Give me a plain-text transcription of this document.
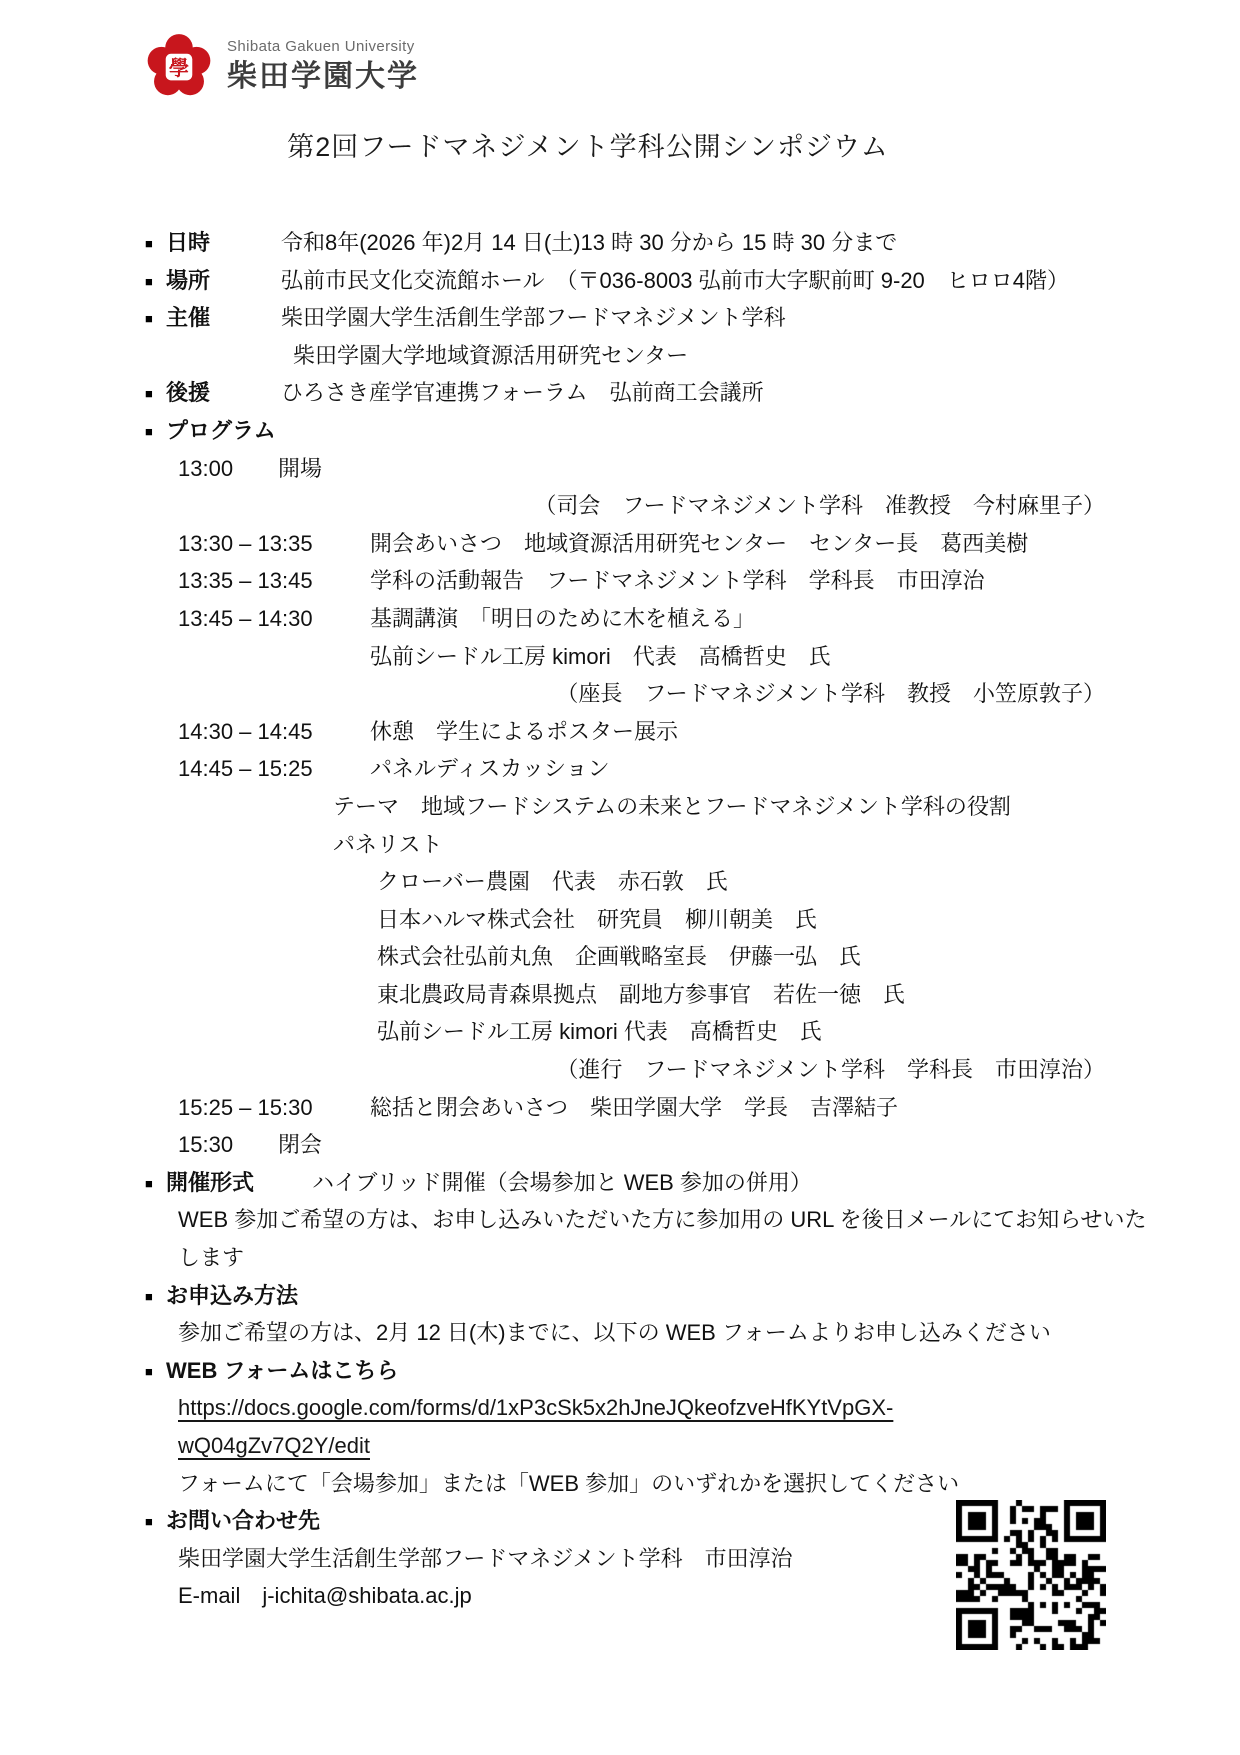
學
Shibata Gakuen University
柴田学園大学
第2回フードマネジメント学科公開シンポジウム
■ 日時	令和8年(2026 年)2月 14 日(土)13 時 30 分から 15 時 30 分まで
■ 場所	弘前市民文化交流館ホール　（〒036-8003 弘前市大字駅前町 9-20　ヒロロ4階）
■ 主催	柴田学園大学生活創生学部フードマネジメント学科
柴田学園大学地域資源活用研究センター
■ 後援	ひろさき産学官連携フォーラム　弘前商工会議所
■ プログラム
13:00 開場
（司会　フードマネジメント学科　准教授　今村麻里子）
13:30 – 13:35	開会あいさつ　地域資源活用研究センター　センター長　葛西美樹
13:35 – 13:45	学科の活動報告　フードマネジメント学科　学科長　市田淳治
13:45 – 14:30	基調講演　「明日のために木を植える」
弘前シードル工房 kimori　代表　高橋哲史　氏
（座長　フードマネジメント学科　教授　小笠原敦子）
14:30 – 14:45	休憩　学生によるポスター展示
14:45 – 15:25	パネルディスカッション
テーマ　地域フードシステムの未来とフードマネジメント学科の役割
パネリスト
クローバー農園　代表　赤石敦　氏
日本ハルマ株式会社　研究員　柳川朝美　氏
株式会社弘前丸魚　企画戦略室長　伊藤一弘　氏
東北農政局青森県拠点　副地方参事官　若佐一徳　氏
弘前シードル工房 kimori 代表　高橋哲史　氏
（進行　フードマネジメント学科　学科長　市田淳治）
15:25 – 15:30	総括と閉会あいさつ　柴田学園大学　学長　吉澤結子
15:30 閉会
■ 開催形式	ハイブリッド開催（会場参加と WEB 参加の併用）
WEB 参加ご希望の方は、お申し込みいただいた方に参加用の URL を後日メールにてお知らせいた
します
■ お申込み方法
参加ご希望の方は、2月 12 日(木)までに、以下の WEB フォームよりお申し込みください
■ WEB フォームはこちら
https://docs.google.com/forms/d/1xP3cSk5x2hJneJQkeofzveHfKYtVpGX-
wQ04gZv7Q2Y/edit
フォームにて「会場参加」または「WEB 参加」のいずれかを選択してください
■ お問い合わせ先
柴田学園大学生活創生学部フードマネジメント学科　市田淳治
E-mail　j-ichita@shibata.ac.jp
